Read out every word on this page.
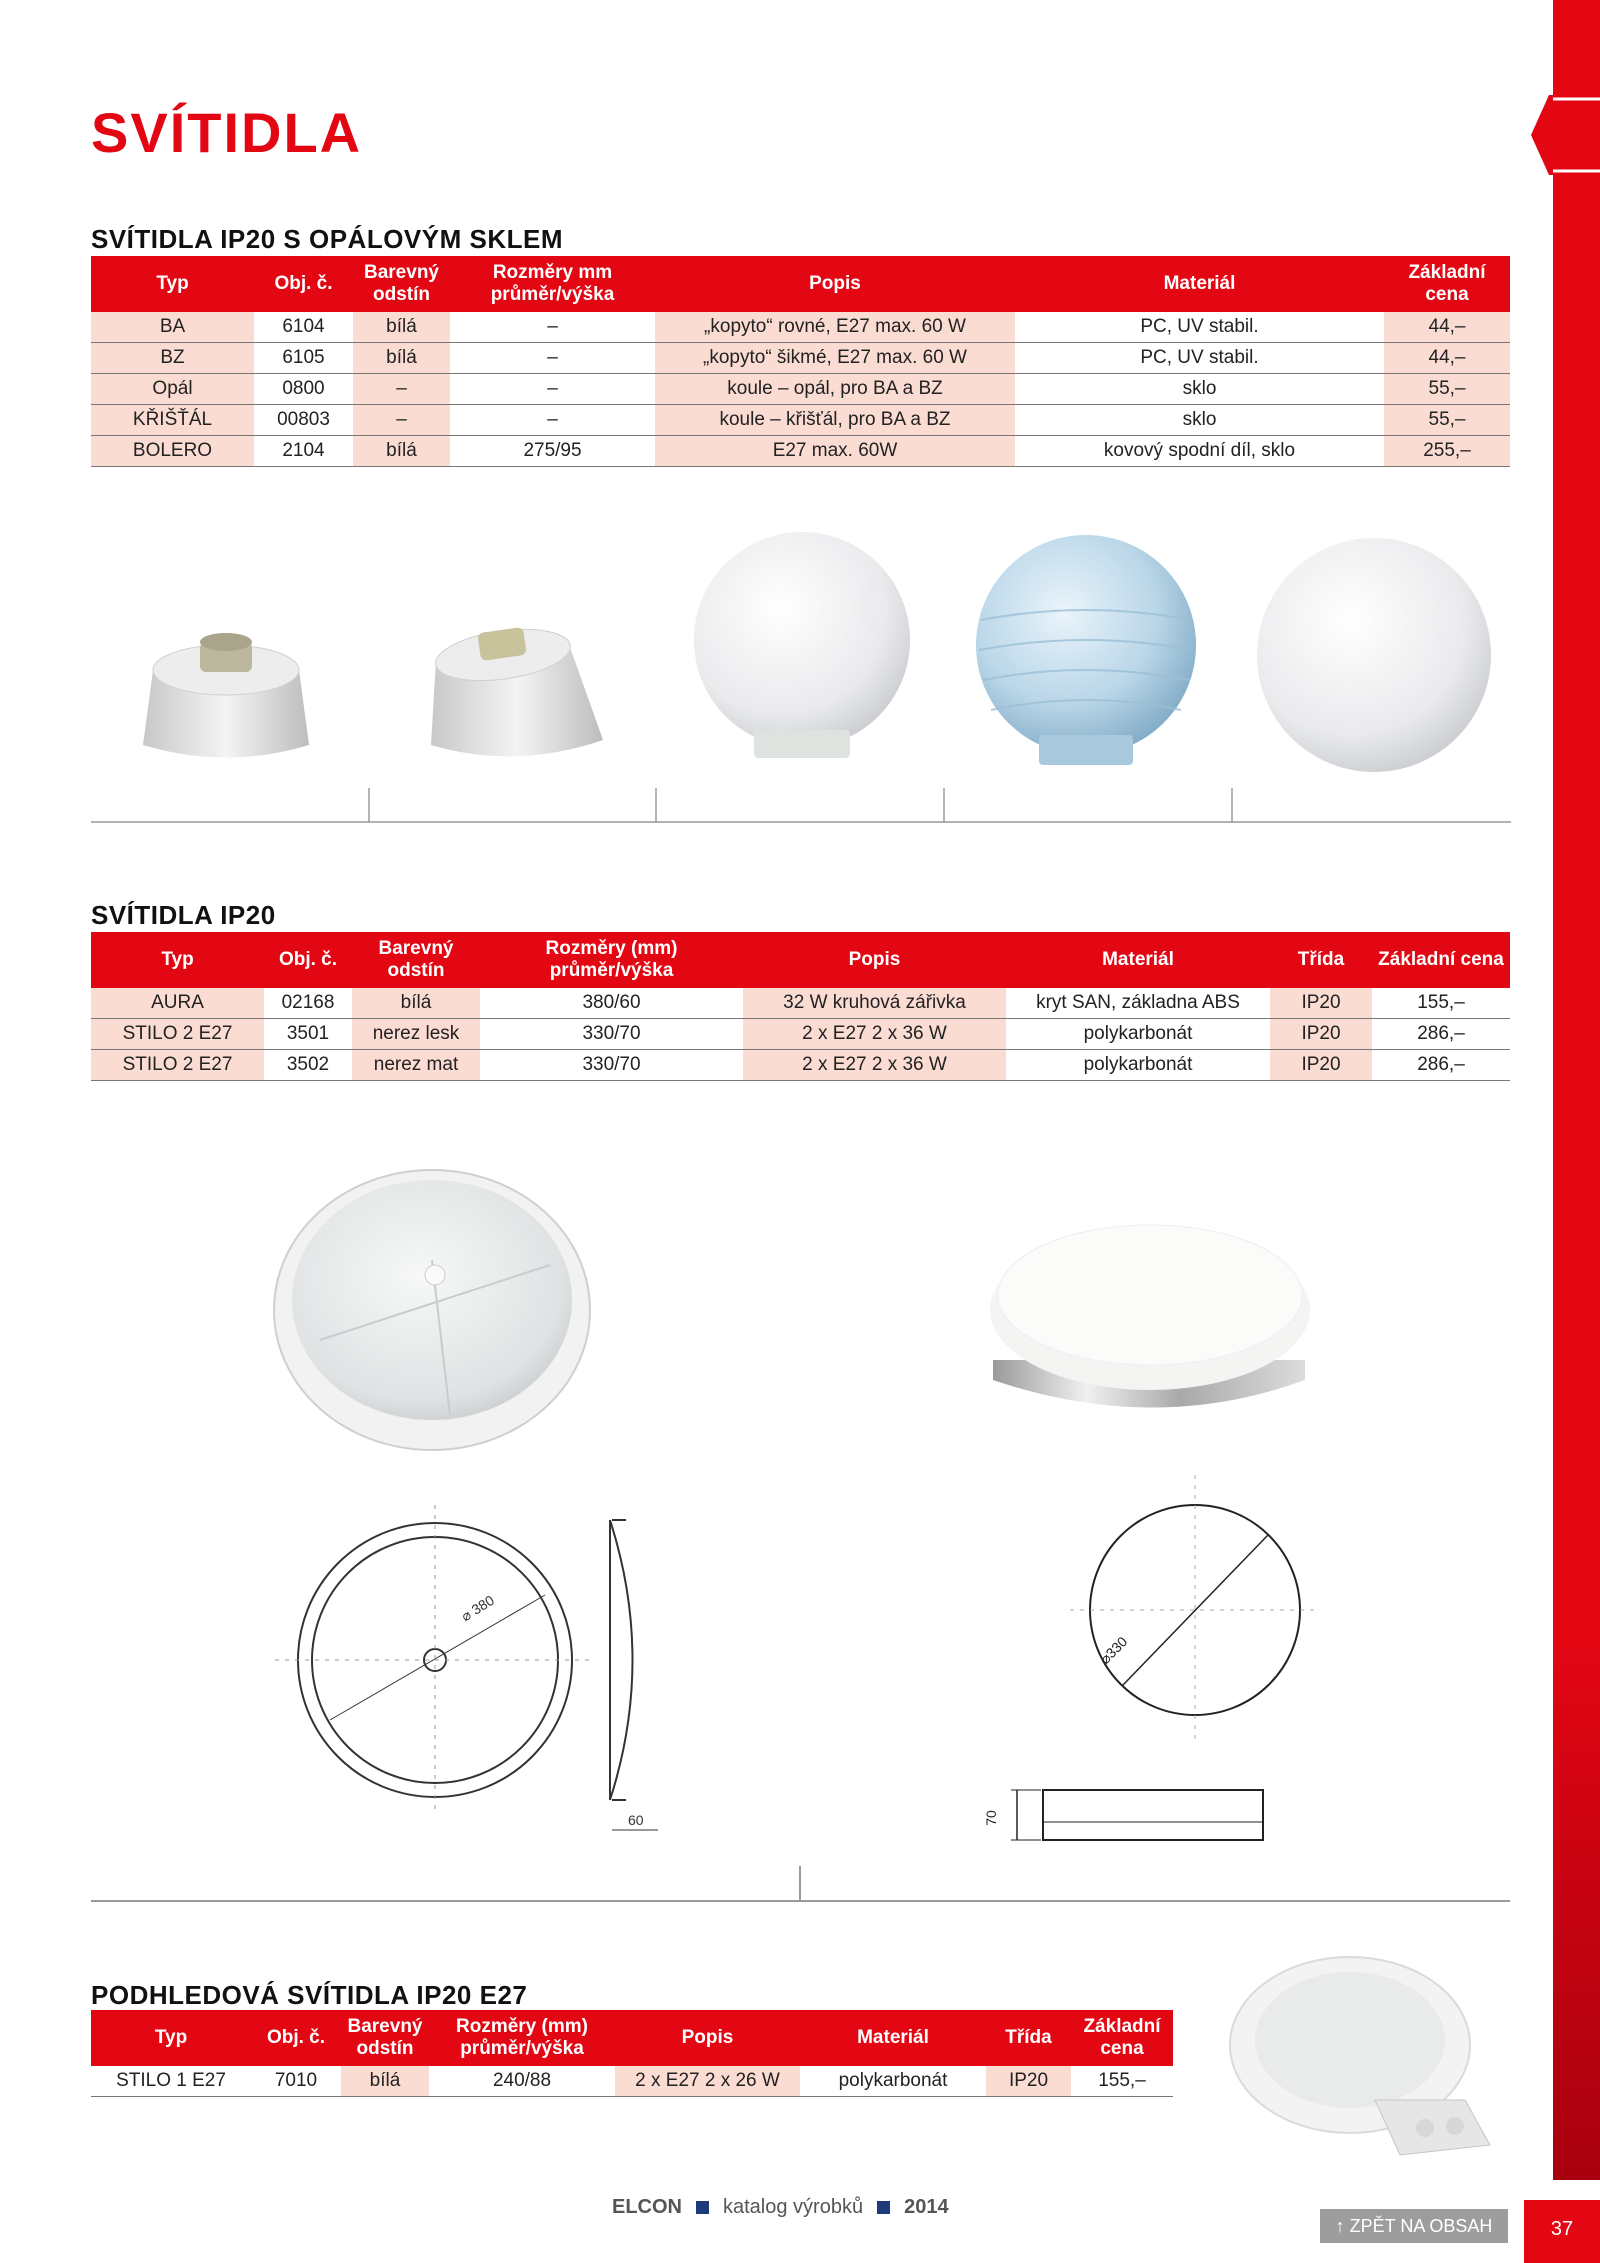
SVÍTIDLA
SVÍTIDLA IP20 S OPÁLOVÝM SKLEM
Typ	Obj. č.	Barevný odstín	Rozměry mm průměr/výška	Popis	Materiál	Základní cena
BA	6104	bílá	–	„kopyto“ rovné, E27 max. 60 W	PC, UV stabil.	44,–
BZ	6105	bílá	–	„kopyto“ šikmé, E27 max. 60 W	PC, UV stabil.	44,–
Opál	0800	–	–	koule – opál, pro BA a BZ	sklo	55,–
KŘIŠŤÁL	00803	–	–	koule – křišťál, pro BA a BZ	sklo	55,–
BOLERO	2104	bílá	275/95	E27 max. 60W	kovový spodní díl, sklo	255,–
SVÍTIDLA IP20
Typ	Obj. č.	Barevný odstín	Rozměry (mm) průměr/výška	Popis	Materiál	Třída	Základní cena
AURA	02168	bílá	380/60	32 W kruhová zářivka	kryt SAN, základna ABS	IP20	155,–
STILO 2 E27	3501	nerez lesk	330/70	2 x E27 2 x 36 W	polykarbonát	IP20	286,–
STILO 2 E27	3502	nerez mat	330/70	2 x E27 2 x 36 W	polykarbonát	IP20	286,–
⌀ 380
60
⌀330
70
PODHLEDOVÁ SVÍTIDLA IP20 E27
Typ	Obj. č.	Barevný odstín	Rozměry (mm) průměr/výška	Popis	Materiál	Třída	Základní cena
STILO 1 E27	7010	bílá	240/88	2 x E27 2 x 26 W	polykarbonát	IP20	155,–
ELCON katalog výrobků 2014
↑ ZPĚT NA OBSAH	37
